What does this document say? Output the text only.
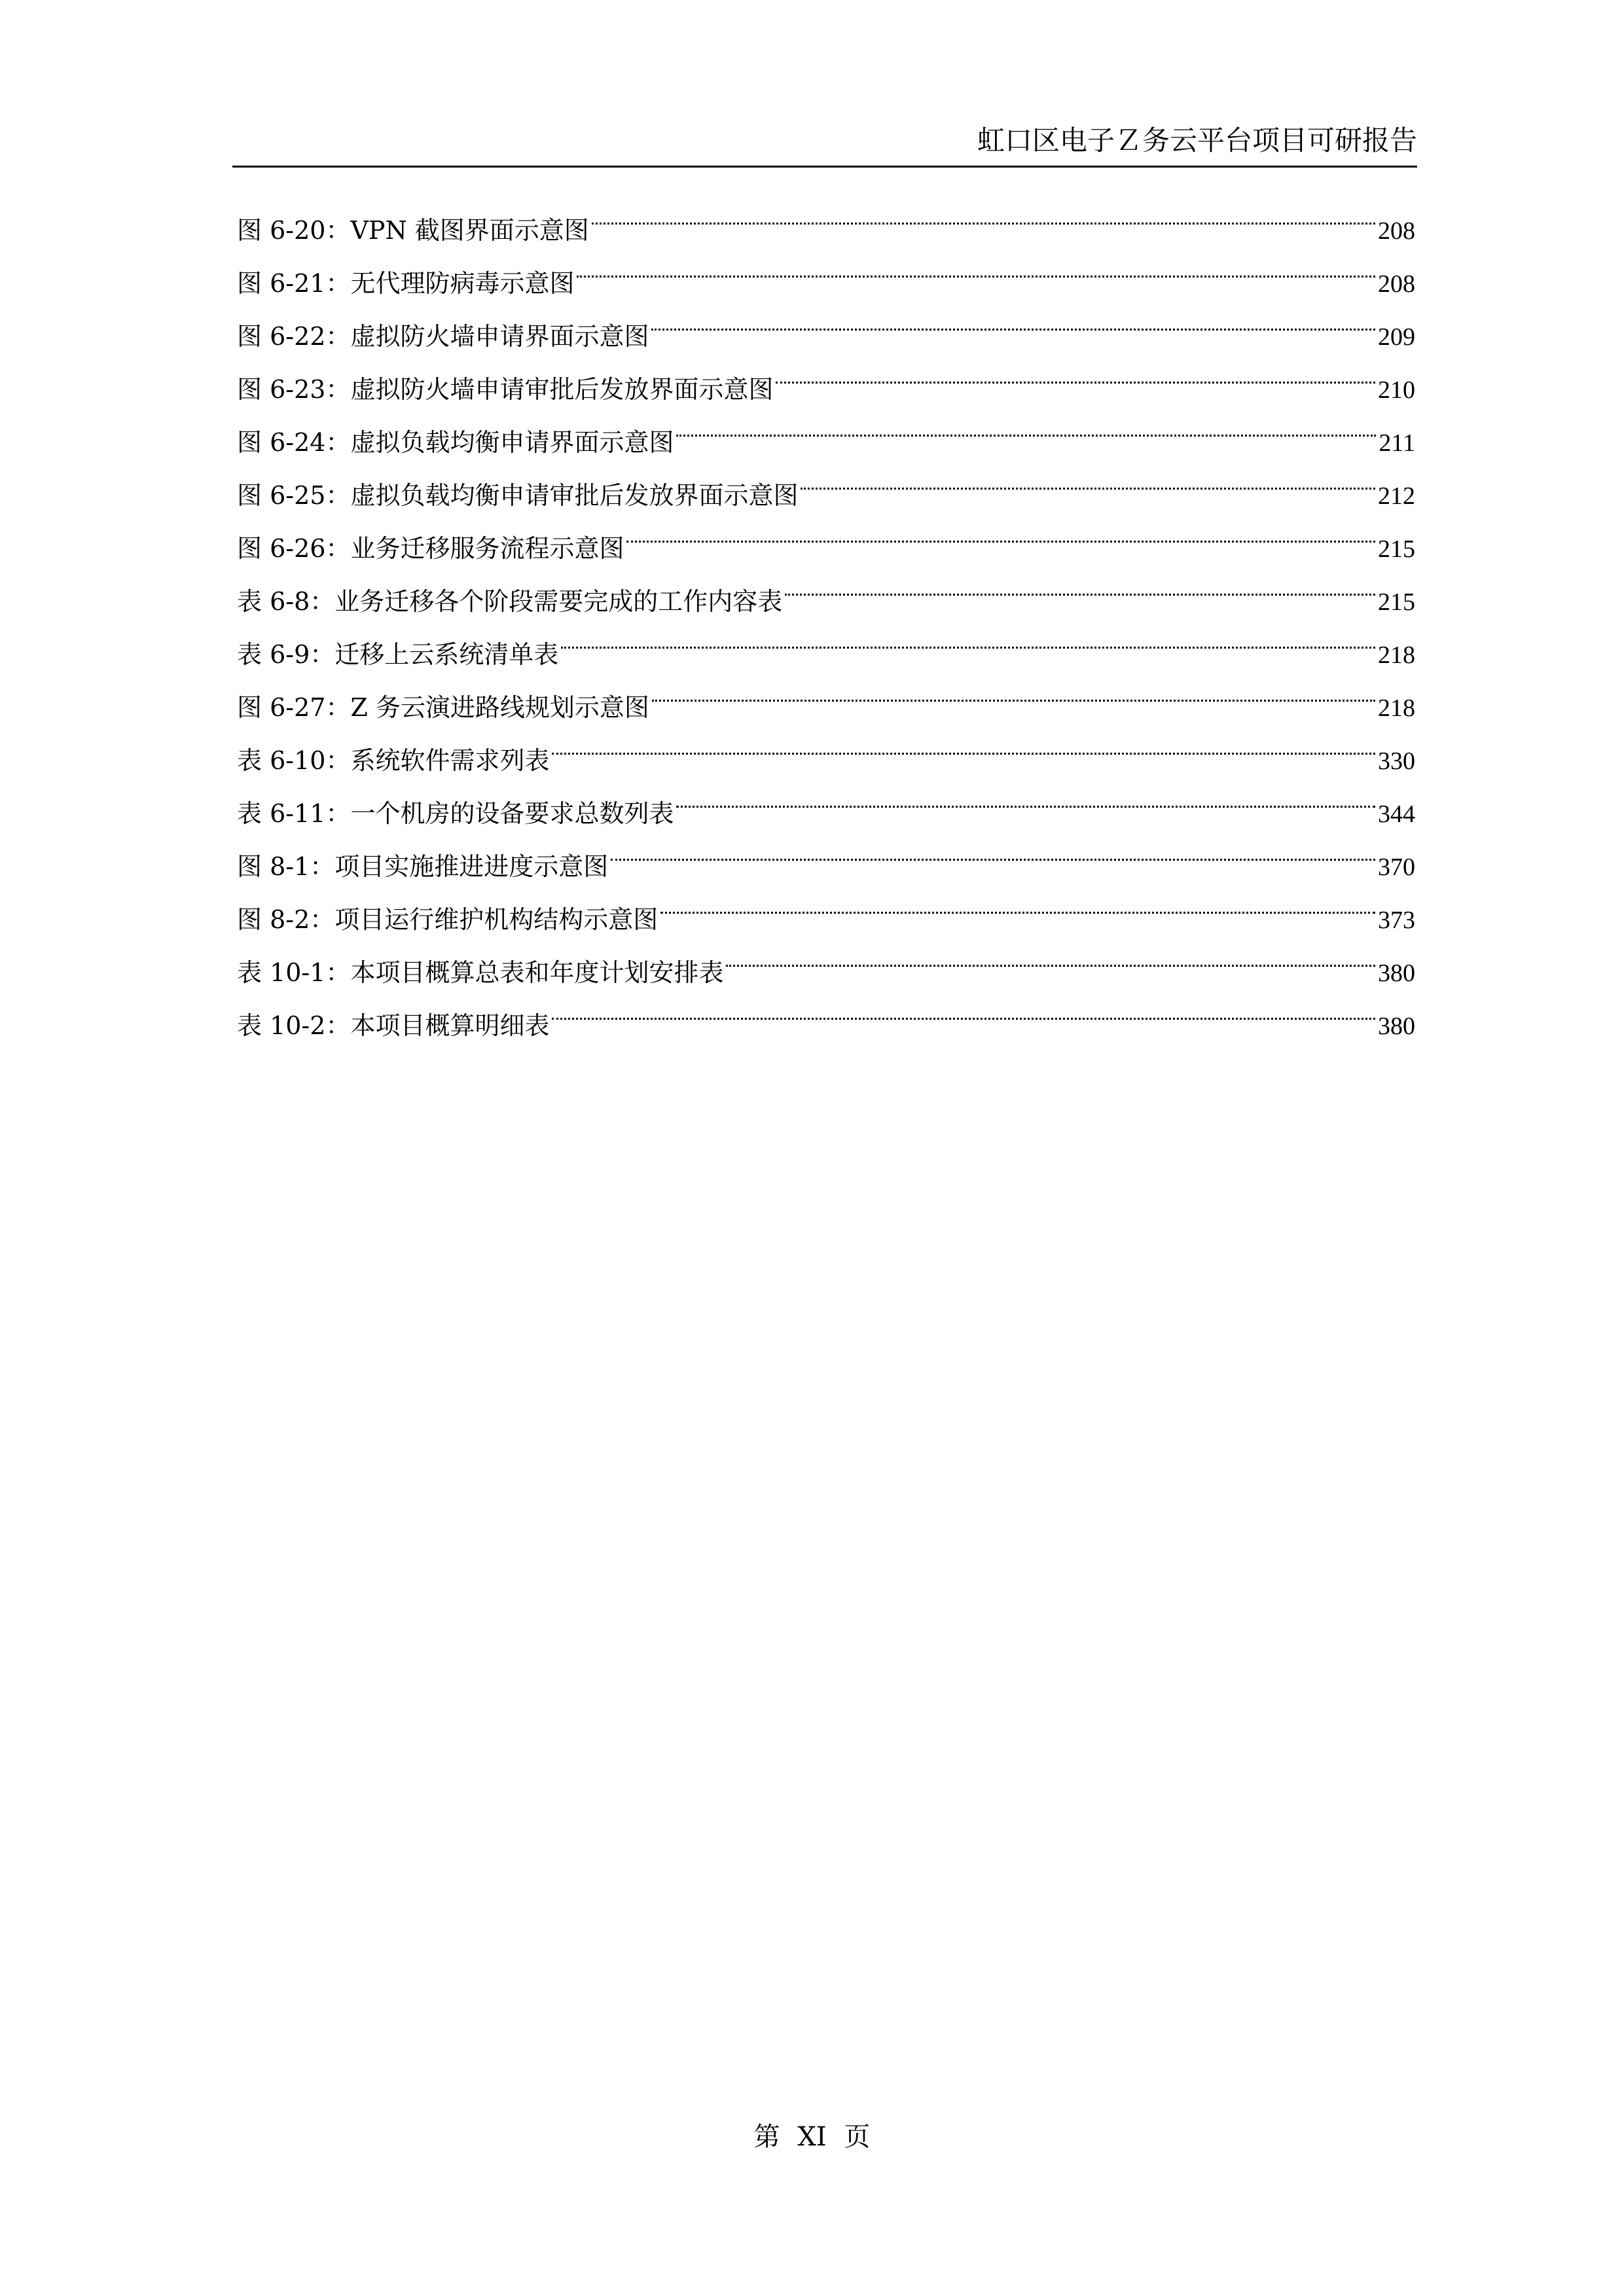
虹口区电子Ｚ务云平台项目可研报告
图 6-20：VPN 截图界面示意图	208
图 6-21：无代理防病毒示意图	208
图 6-22：虚拟防火墙申请界面示意图	209
图 6-23：虚拟防火墙申请审批后发放界面示意图	210
图 6-24：虚拟负载均衡申请界面示意图	211
图 6-25：虚拟负载均衡申请审批后发放界面示意图	212
图 6-26：业务迁移服务流程示意图	215
表 6-8：业务迁移各个阶段需要完成的工作内容表	215
表 6-9：迁移上云系统清单表	218
图 6-27：Z 务云演进路线规划示意图	218
表 6-10：系统软件需求列表	330
表 6-11：一个机房的设备要求总数列表	344
图 8-1：项目实施推进进度示意图	370
图 8-2：项目运行维护机构结构示意图	373
表 10-1：本项目概算总表和年度计划安排表	380
表 10-2：本项目概算明细表	380
第 XI 页
